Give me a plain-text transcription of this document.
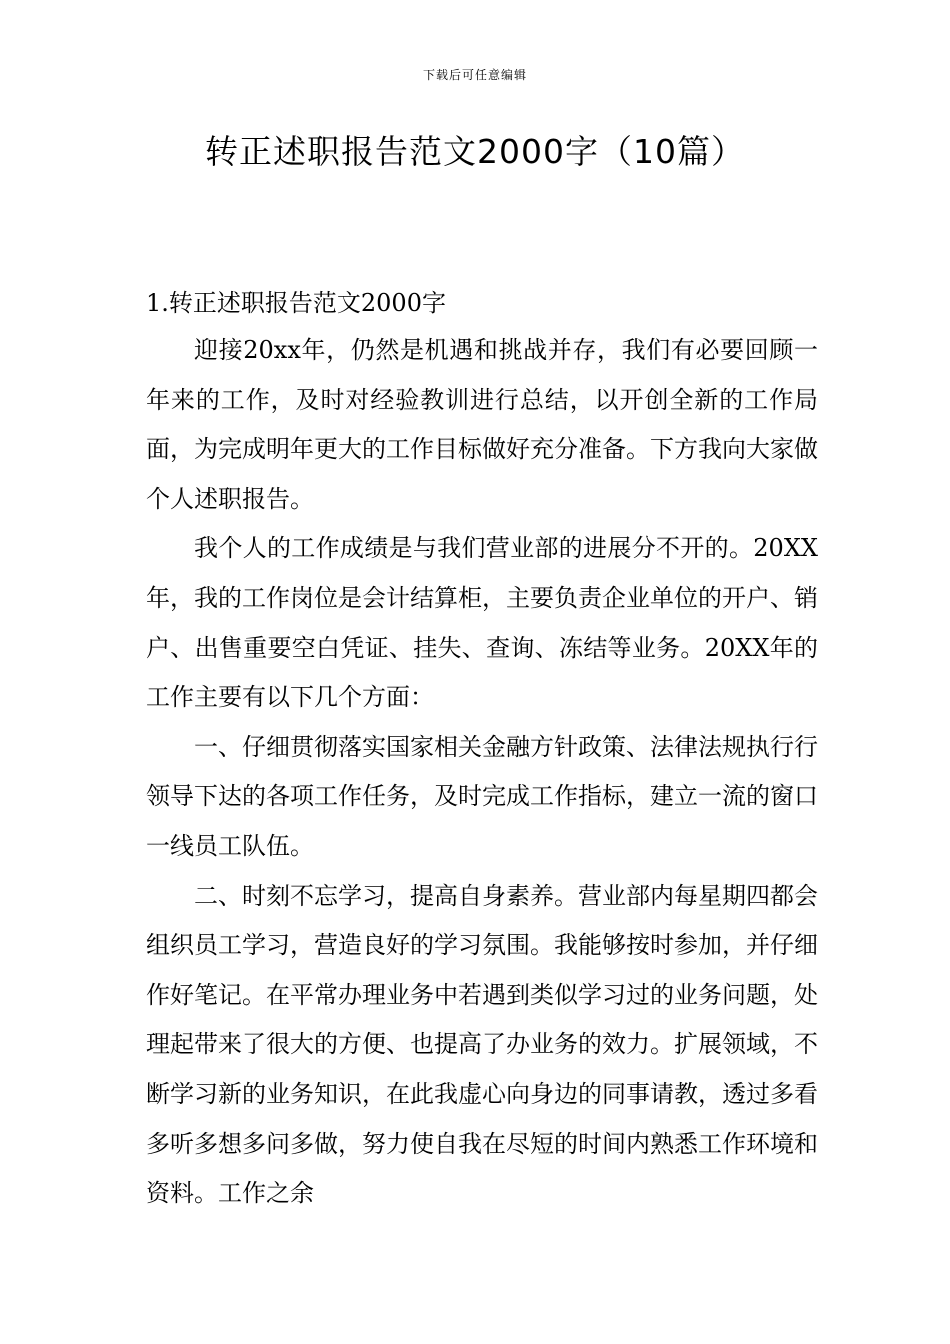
下载后可任意编辑
转正述职报告范文2000字（10篇）
1.转正述职报告范文2000字

迎接20xx年，仍然是机遇和挑战并存，我们有必要回顾一年来的工作，及时对经验教训进行总结，以开创全新的工作局面，为完成明年更大的工作目标做好充分准备。下方我向大家做个人述职报告。

我个人的工作成绩是与我们营业部的进展分不开的。20XX年，我的工作岗位是会计结算柜，主要负责企业单位的开户、销户、出售重要空白凭证、挂失、查询、冻结等业务。20XX年的工作主要有以下几个方面：

一、仔细贯彻落实国家相关金融方针政策、法律法规执行行领导下达的各项工作任务，及时完成工作指标，建立一流的窗口一线员工队伍。

二、时刻不忘学习，提高自身素养。营业部内每星期四都会组织员工学习，营造良好的学习氛围。我能够按时参加，并仔细作好笔记。在平常办理业务中若遇到类似学习过的业务问题，处理起带来了很大的方便、也提高了办业务的效力。扩展领域，不断学习新的业务知识，在此我虚心向身边的同事请教，透过多看多听多想多问多做，努力使自我在尽短的时间内熟悉工作环境和资料。工作之余
